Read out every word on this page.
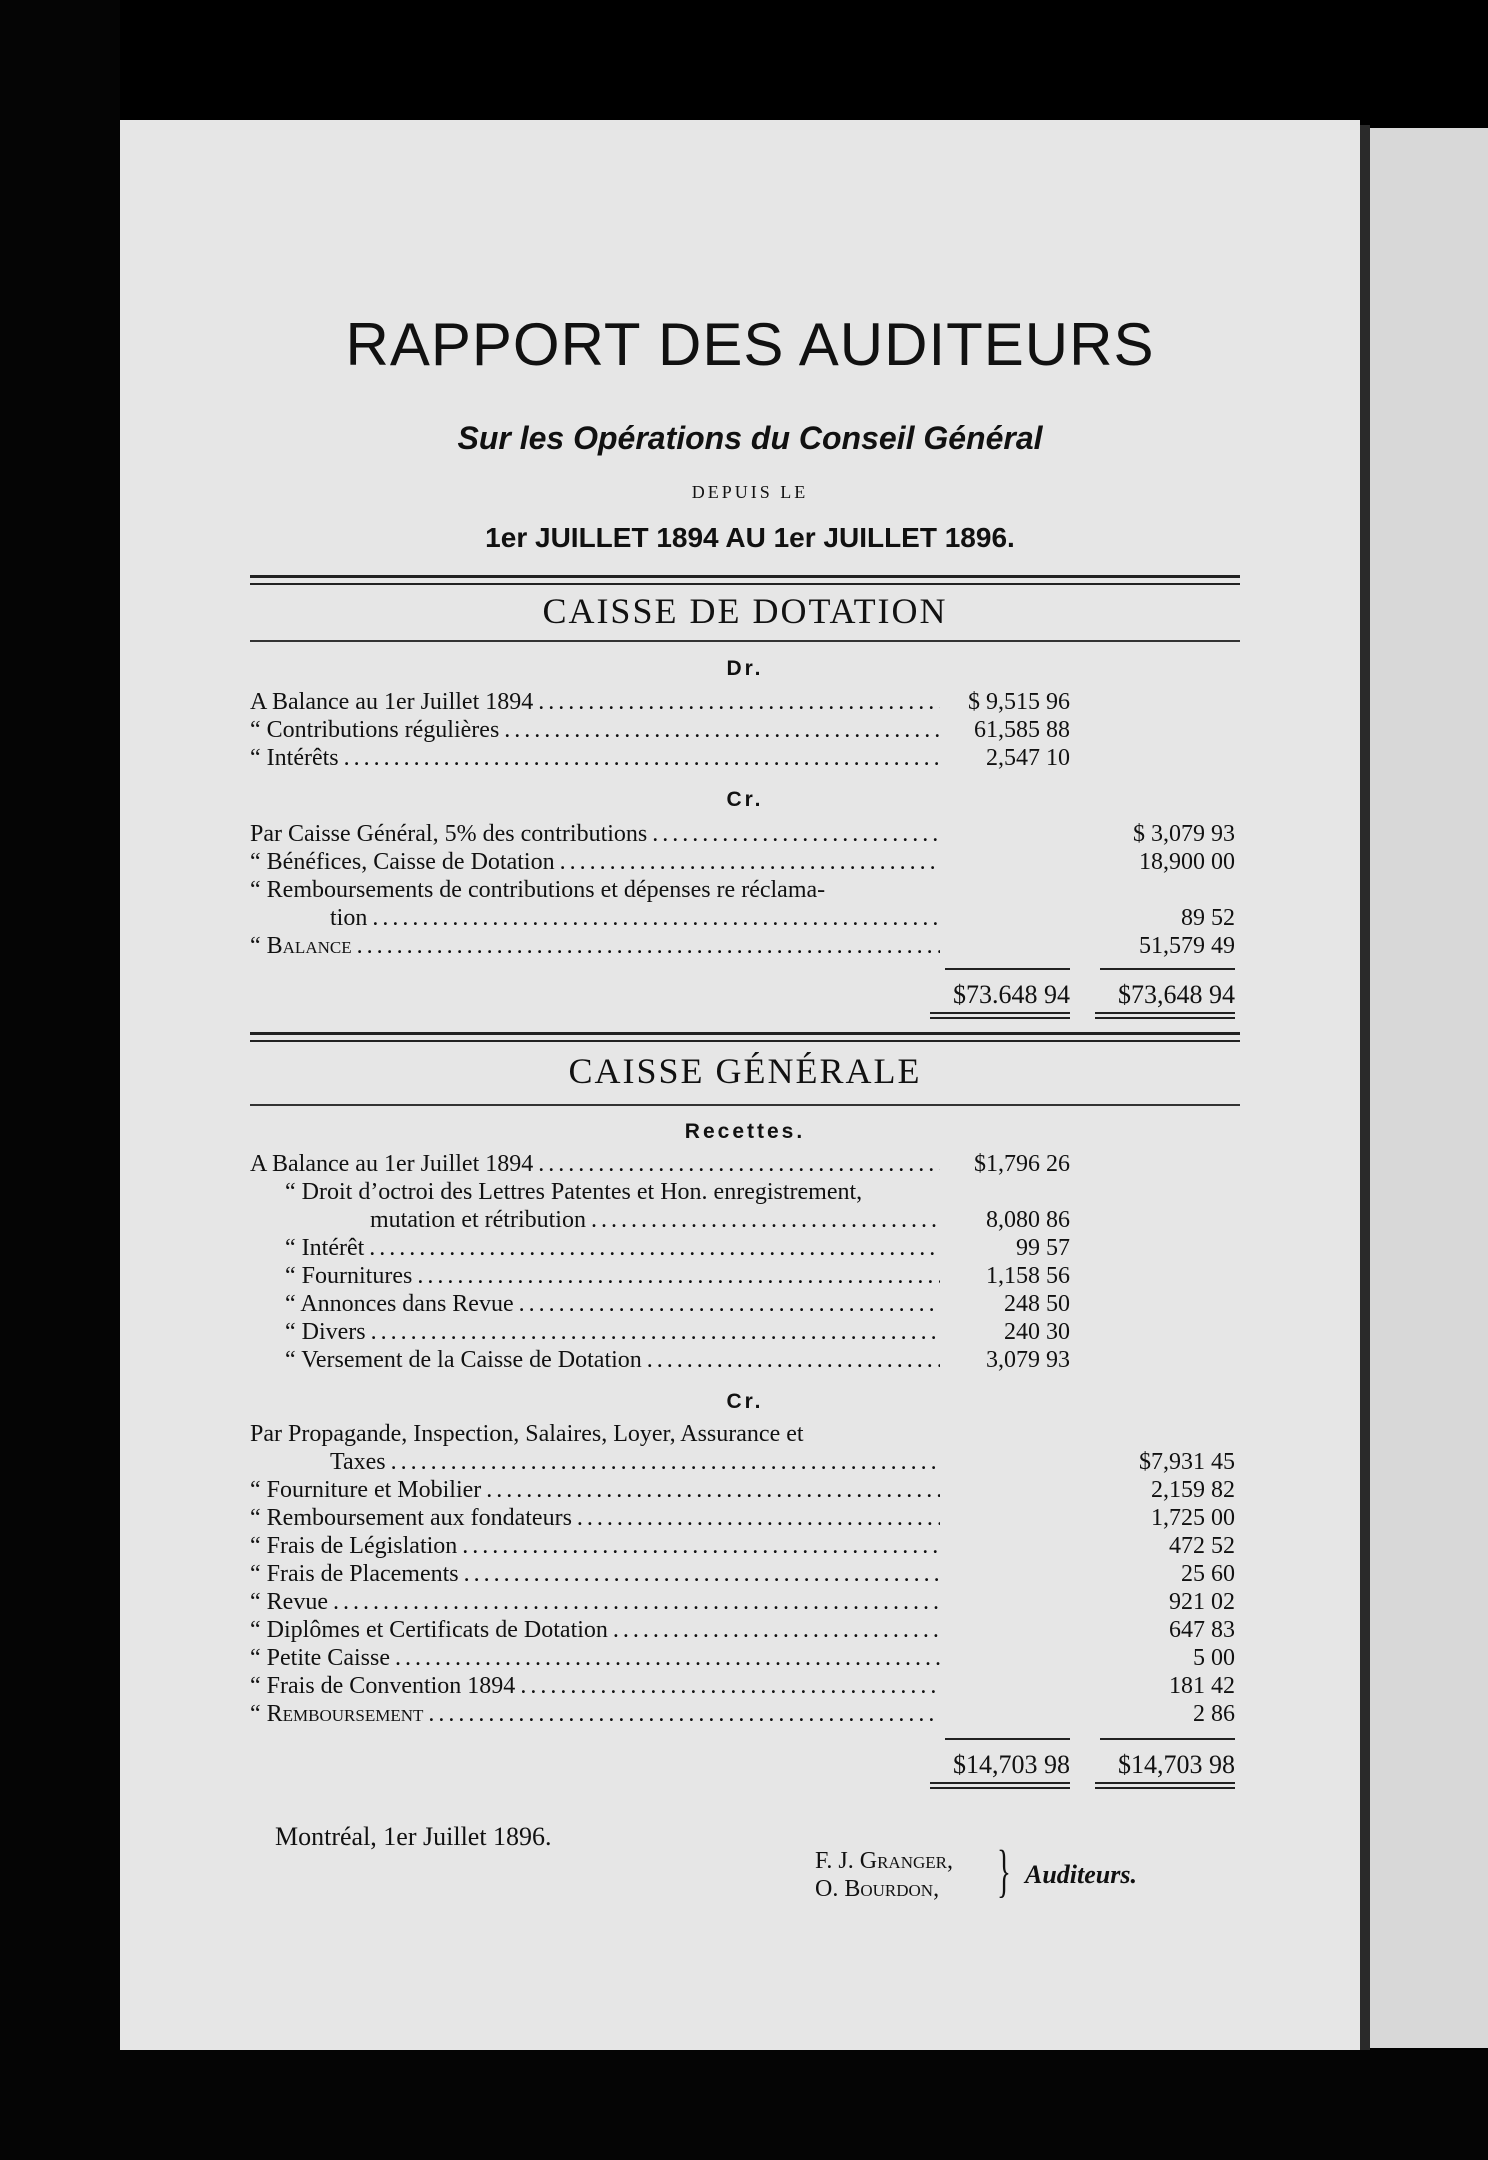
RAPPORT DES AUDITEURS
Sur les Opérations du Conseil Général
DEPUIS LE
1er JUILLET 1894 AU 1er JUILLET 1896.
CAISSE DE DOTATION
Dr.
A Balance au 1er Juillet 1894 . . .	$ 9,515 96
“ Contributions régulières . . .	61,585 88
“ Intérêts . . .	2,547 10
Cr.
Par Caisse Général, 5% des contributions . . .	$ 3,079 93
“ Bénéfices, Caisse de Dotation . . .	18,900 00
“ Remboursements de contributions et dépenses re réclama-
tion . . .	89 52
“ Balance . . .	51,579 49
$73.648 94	$73,648 94
CAISSE GÉNÉRALE
Recettes.
A Balance au 1er Juillet 1894 . . .	$1,796 26
“ Droit d’octroi des Lettres Patentes et Hon. enregistrement,
mutation et rétribution . . .	8,080 86
“ Intérêt . . .	99 57
“ Fournitures . . .	1,158 56
“ Annonces dans Revue . . .	248 50
“ Divers . . .	240 30
“ Versement de la Caisse de Dotation . . .	3,079 93
Cr.
Par Propagande, Inspection, Salaires, Loyer, Assurance et
Taxes . . .	$7,931 45
“ Fourniture et Mobilier . . .	2,159 82
“ Remboursement aux fondateurs . . .	1,725 00
“ Frais de Législation . . .	472 52
“ Frais de Placements . . .	25 60
“ Revue . . .	921 02
“ Diplômes et Certificats de Dotation . . .	647 83
“ Petite Caisse . . .	5 00
“ Frais de Convention 1894 . . .	181 42
“ Remboursement . . .	2 86
$14,703 98	$14,703 98
Montréal, 1er Juillet 1896.
F. J. Granger,
O. Bourdon, } Auditeurs.
